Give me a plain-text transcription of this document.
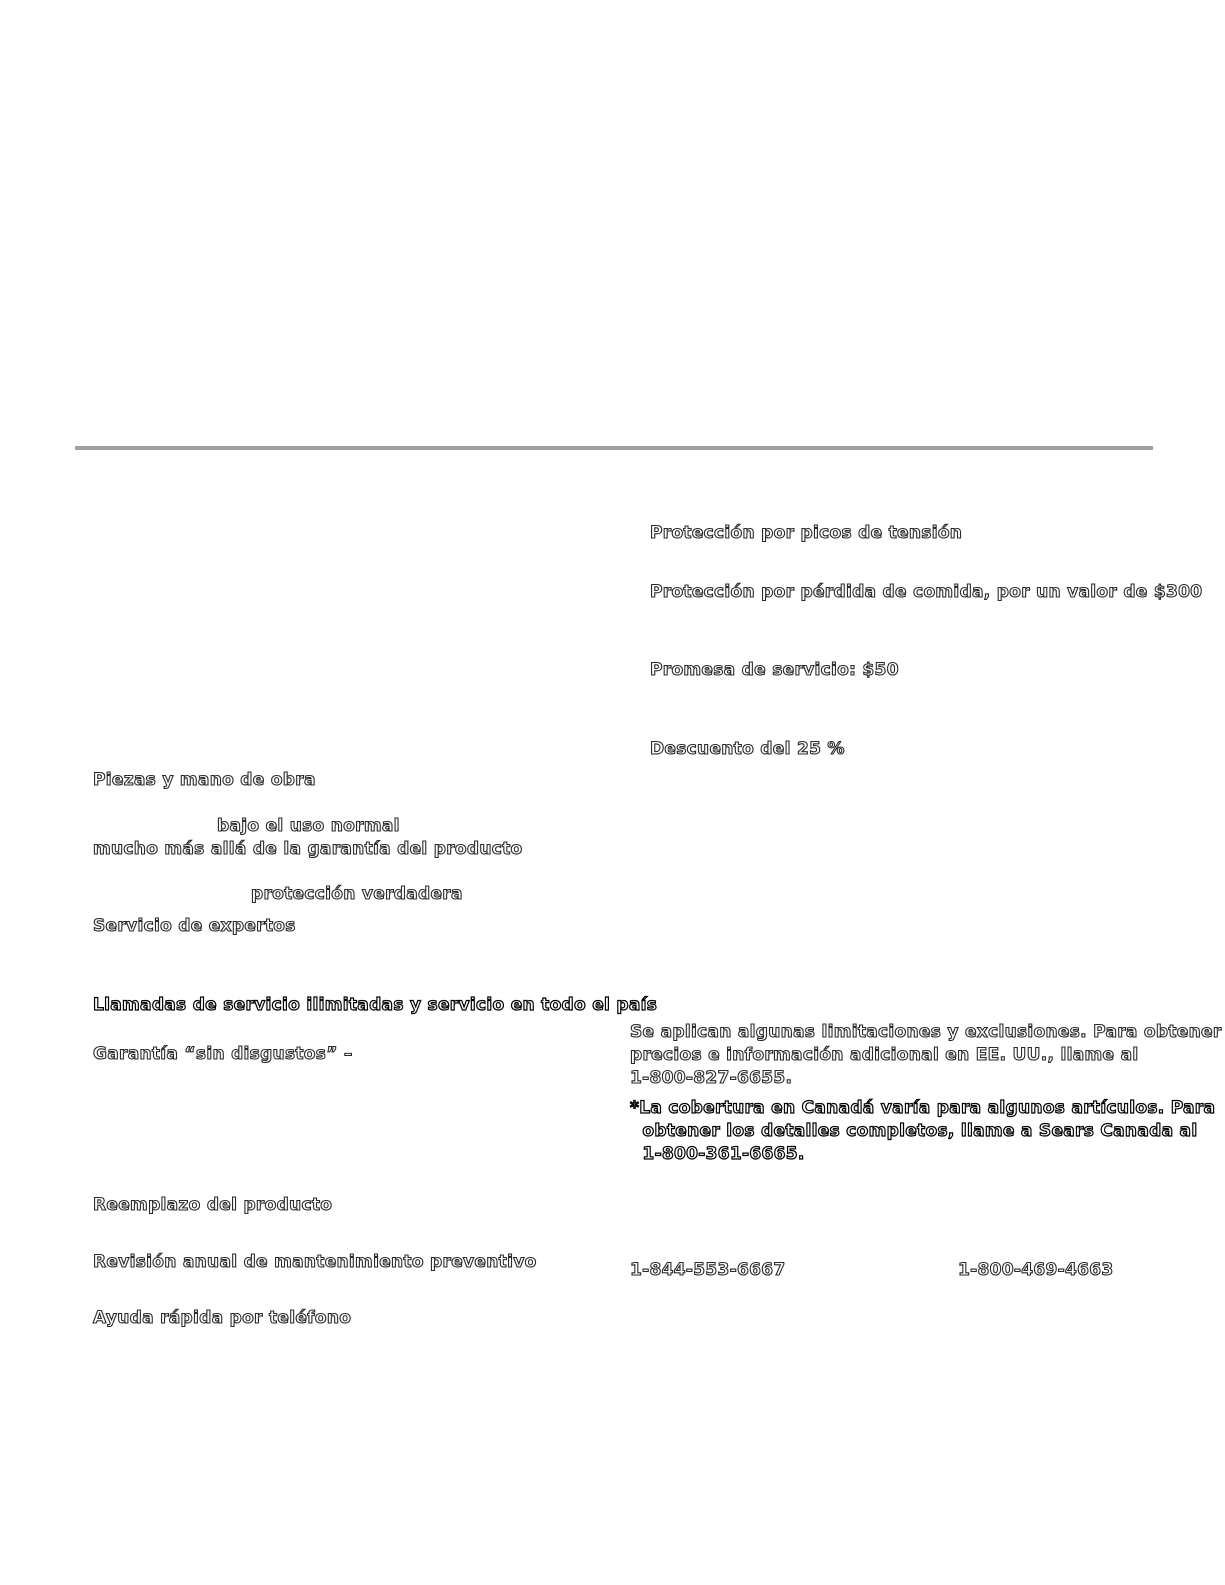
Protección por picos de tensión

Protección por pérdida de comida, por un valor de $300

Promesa de servicio: $50

Descuento del 25 %

Piezas y mano de obra

bajo el uso normal

mucho más allá de la garantía del producto

protección verdadera

Servicio de expertos

Llamadas de servicio ilimitadas y servicio en todo el país

Garantía “sin disgustos” –

Reemplazo del producto

Revisión anual de mantenimiento preventivo

Ayuda rápida por teléfono

Se aplican algunas limitaciones y exclusiones. Para obtener
precios e información adicional en EE. UU., llame al
1-800-827-6655.

*La cobertura en Canadá varía para algunos artículos. Para
obtener los detalles completos, llame a Sears Canada al
1-800-361-6665.

1-844-553-6667	1-800-469-4663
